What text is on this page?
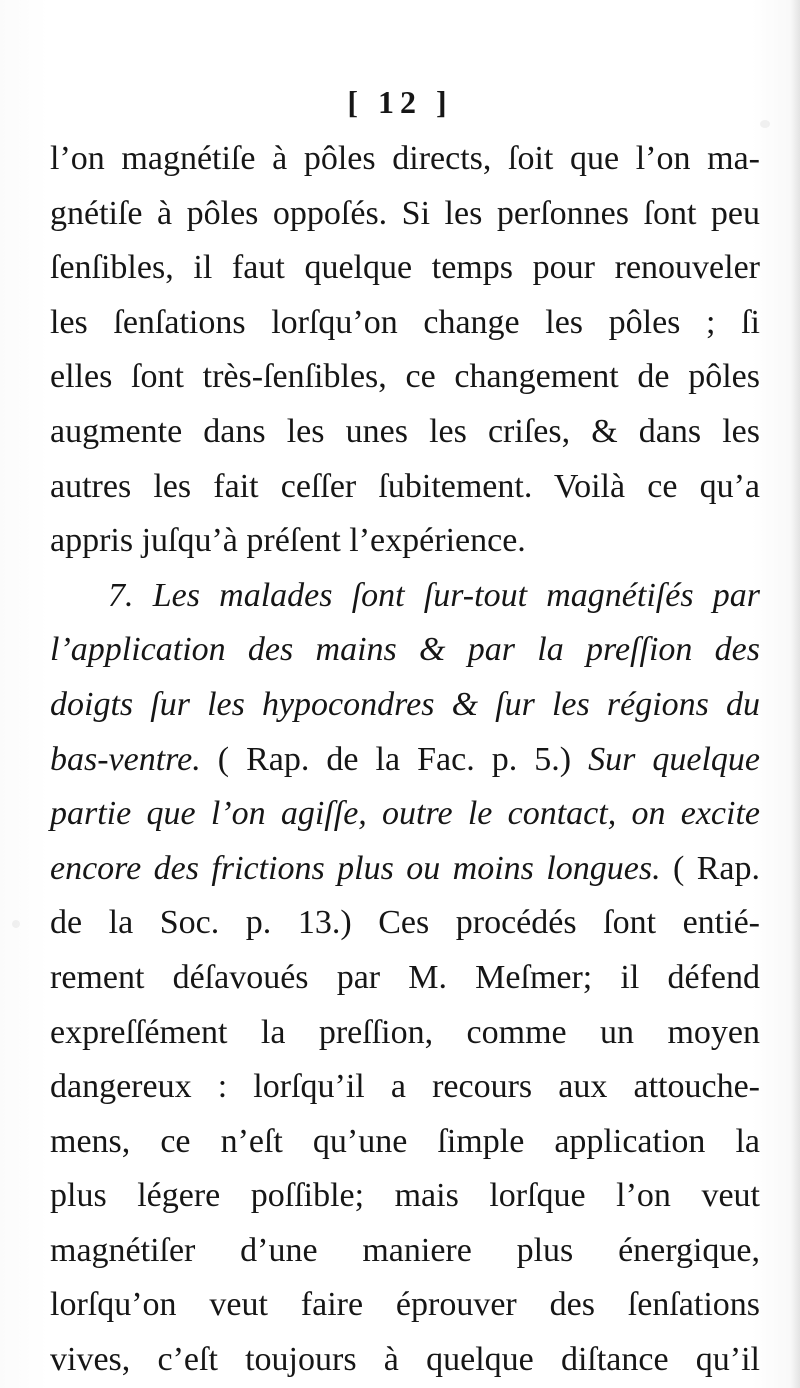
[ 12 ]
l’on magnétiſe à pôles directs, ſoit que l’on ma-
gnétiſe à pôles oppoſés. Si les perſonnes ſont peu
ſenſibles, il faut quelque temps pour renouveler
les ſenſations lorſqu’on change les pôles ; ſi
elles ſont très-ſenſibles, ce changement de pôles
augmente dans les unes les criſes, & dans les
autres les fait ceſſer ſubitement. Voilà ce qu’a
appris juſqu’à préſent l’expérience.
7. Les malades ſont ſur-tout magnétiſés par
l’application des mains & par la preſſion des
doigts ſur les hypocondres & ſur les régions du
bas-ventre. ( Rap. de la Fac. p. 5.) Sur quelque
partie que l’on agiſſe, outre le contact, on excite
encore des frictions plus ou moins longues. ( Rap.
de la Soc. p. 13.) Ces procédés ſont entié-
rement déſavoués par M. Meſmer; il défend
expreſſément la preſſion, comme un moyen
dangereux : lorſqu’il a recours aux attouche-
mens, ce n’eſt qu’une ſimple application la
plus légere poſſible; mais lorſque l’on veut
magnétiſer d’une maniere plus énergique,
lorſqu’on veut faire éprouver des ſenſations
vives, c’eſt toujours à quelque diſtance qu’il
